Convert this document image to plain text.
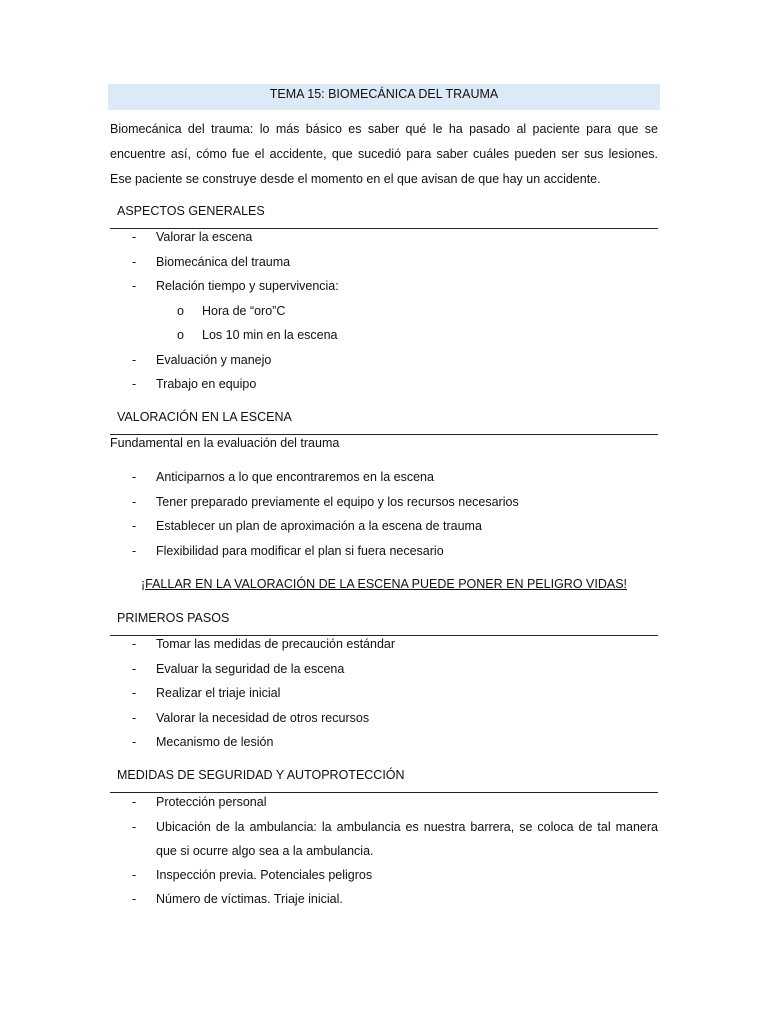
TEMA 15: BIOMECÁNICA DEL TRAUMA

Biomecánica del trauma: lo más básico es saber qué le ha pasado al paciente para que se encuentre así, cómo fue el accidente, que sucedió para saber cuáles pueden ser sus lesiones. Ese paciente se construye desde el momento en el que avisan de que hay un accidente.

ASPECTOS GENERALES

- Valorar la escena
- Biomecánica del trauma
- Relación tiempo y supervivencia:
o Hora de “oro”C
o Los 10 min en la escena
- Evaluación y manejo
- Trabajo en equipo

VALORACIÓN EN LA ESCENA

Fundamental en la evaluación del trauma

- Anticiparnos a lo que encontraremos en la escena
- Tener preparado previamente el equipo y los recursos necesarios
- Establecer un plan de aproximación a la escena de trauma
- Flexibilidad para modificar el plan si fuera necesario

¡FALLAR EN LA VALORACIÓN DE LA ESCENA PUEDE PONER EN PELIGRO VIDAS!

PRIMEROS PASOS

- Tomar las medidas de precaución estándar
- Evaluar la seguridad de la escena
- Realizar el triaje inicial
- Valorar la necesidad de otros recursos
- Mecanismo de lesión

MEDIDAS DE SEGURIDAD Y AUTOPROTECCIÓN

- Protección personal
- Ubicación de la ambulancia: la ambulancia es nuestra barrera, se coloca de tal manera que si ocurre algo sea a la ambulancia.
- Inspección previa. Potenciales peligros
- Número de víctimas. Triaje inicial.
